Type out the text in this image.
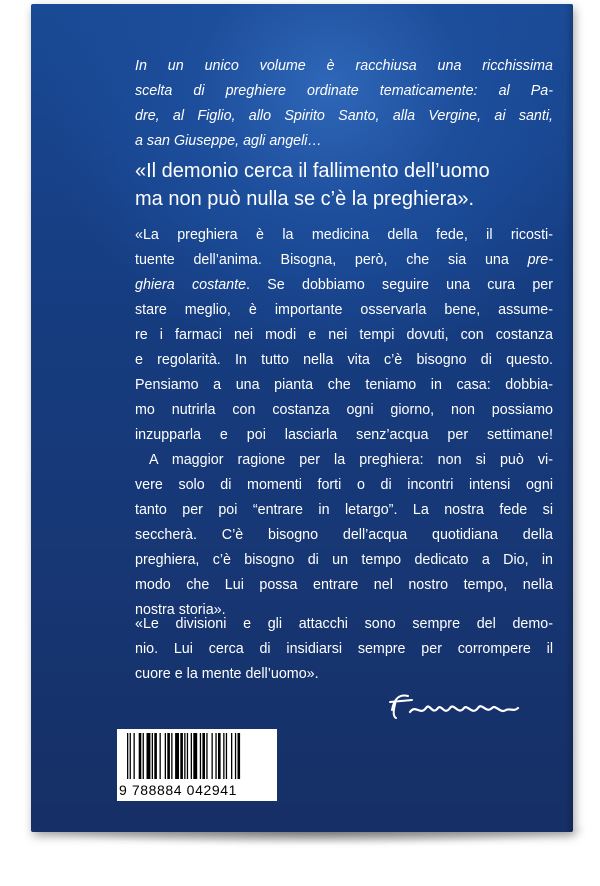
In un unico volume è racchiusa una ricchissima
scelta di preghiere ordinate tematicamente: al Pa-
dre, al Figlio, allo Spirito Santo, alla Vergine, ai santi,
a san Giuseppe, agli angeli…
«Il demonio cerca il fallimento dell’uomo
ma non può nulla se c’è la preghiera».
«La preghiera è la medicina della fede, il ricosti-
tuente dell’anima. Bisogna, però, che sia una pre-
ghiera costante. Se dobbiamo seguire una cura per
stare meglio, è importante osservarla bene, assume-
re i farmaci nei modi e nei tempi dovuti, con costanza
e regolarità. In tutto nella vita c’è bisogno di questo.
Pensiamo a una pianta che teniamo in casa: dobbia-
mo nutrirla con costanza ogni giorno, non possiamo
inzupparla e poi lasciarla senz’acqua per settimane!
A maggior ragione per la preghiera: non si può vi-
vere solo di momenti forti o di incontri intensi ogni
tanto per poi “entrare in letargo”. La nostra fede si
seccherà. C’è bisogno dell’acqua quotidiana della
preghiera, c’è bisogno di un tempo dedicato a Dio, in
modo che Lui possa entrare nel nostro tempo, nella
nostra storia».
«Le divisioni e gli attacchi sono sempre del demo-
nio. Lui cerca di insidiarsi sempre per corrompere il
cuore e la mente dell’uomo».
9 788884 042941
